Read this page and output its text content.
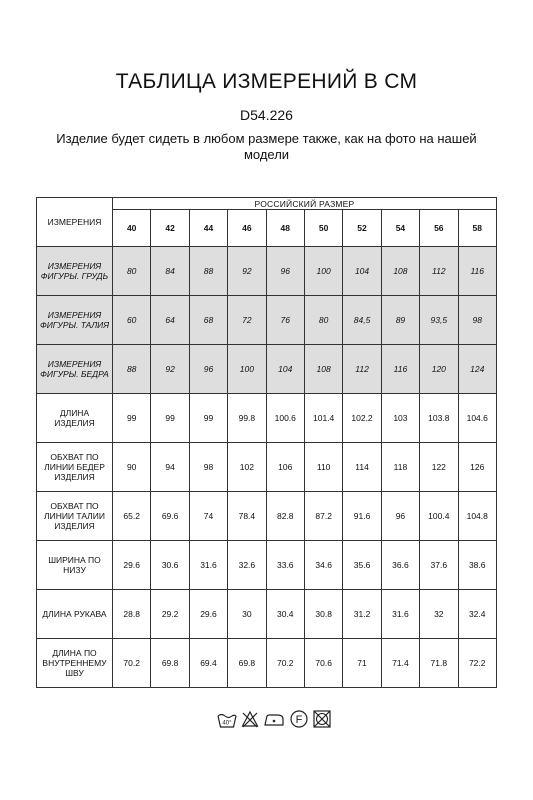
ТАБЛИЦА ИЗМЕРЕНИЙ В СМ
D54.226
Изделие будет сидеть в любом размере также, как на фото на нашей модели
ИЗМЕРЕНИЯ	РОССИЙСКИЙ РАЗМЕР									
	40	42	44	46	48	50	52	54	56	58
ИЗМЕРЕНИЯ ФИГУРЫ. ГРУДЬ	80	84	88	92	96	100	104	108	112	116
ИЗМЕРЕНИЯ ФИГУРЫ. ТАЛИЯ	60	64	68	72	76	80	84,5	89	93,5	98
ИЗМЕРЕНИЯ ФИГУРЫ. БЕДРА	88	92	96	100	104	108	112	116	120	124
ДЛИНА ИЗДЕЛИЯ	99	99	99	99.8	100.6	101.4	102.2	103	103.8	104.6
ОБХВАТ ПО ЛИНИИ БЕДЕР ИЗДЕЛИЯ	90	94	98	102	106	110	114	118	122	126
ОБХВАТ ПО ЛИНИИ ТАЛИИ ИЗДЕЛИЯ	65.2	69.6	74	78.4	82.8	87.2	91.6	96	100.4	104.8
ШИРИНА ПО НИЗУ	29.6	30.6	31.6	32.6	33.6	34.6	35.6	36.6	37.6	38.6
ДЛИНА РУКАВА	28.8	29.2	29.6	30	30.4	30.8	31.2	31.6	32	32.4
ДЛИНА ПО ВНУТРЕННЕМУ ШВУ	70.2	69.8	69.4	69.8	70.2	70.6	71	71.4	71.8	72.2
40°	F
